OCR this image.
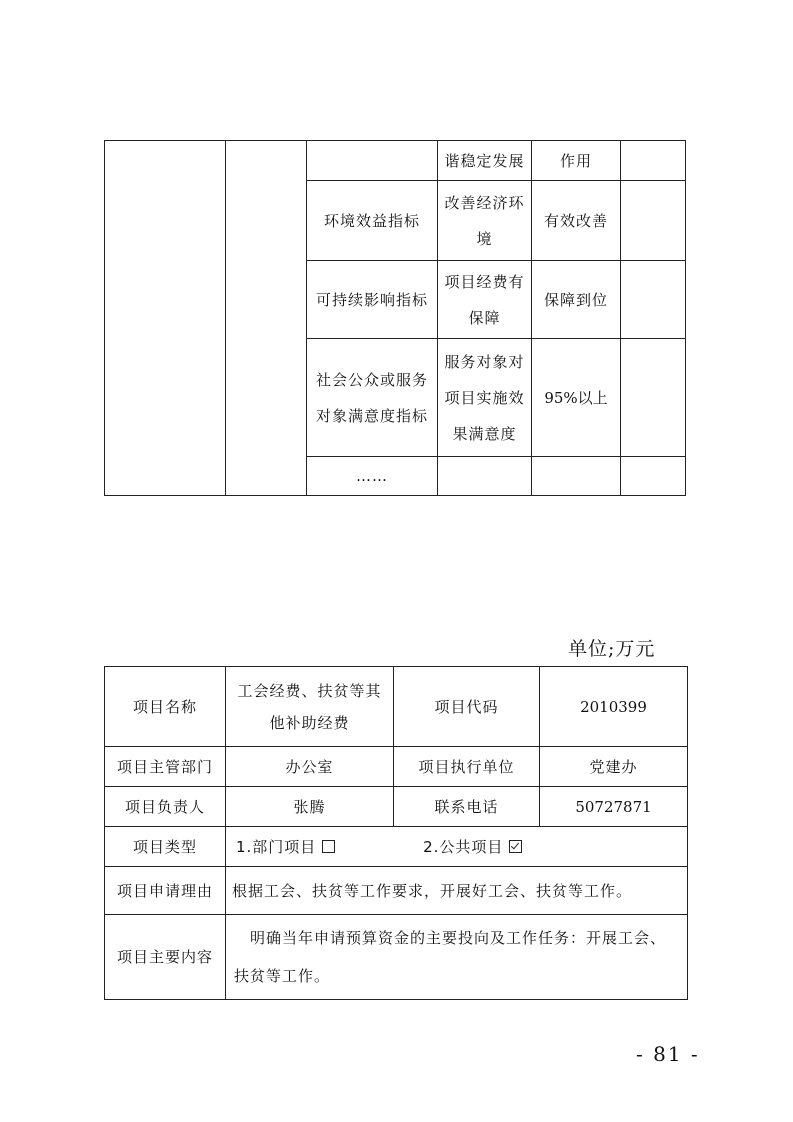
			谐稳定发展	作用	
		环境效益指标	改善经济环境	有效改善	
		可持续影响指标	项目经费有保障	保障到位	
		社会公众或服务对象满意度指标	服务对象对项目实施效果满意度	95%以上	
		……			
单位;万元
项目名称	工会经费、扶贫等其他补助经费	项目代码	2010399
项目主管部门	办公室	项目执行单位	党建办
项目负责人	张腾	联系电话	50727871
项目类型	1.部门项目 2.公共项目		
项目申请理由	根据工会、扶贫等工作要求，开展好工会、扶贫等工作。		
项目主要内容	明确当年申请预算资金的主要投向及工作任务：开展工会、扶贫等工作。		
- 81 -
